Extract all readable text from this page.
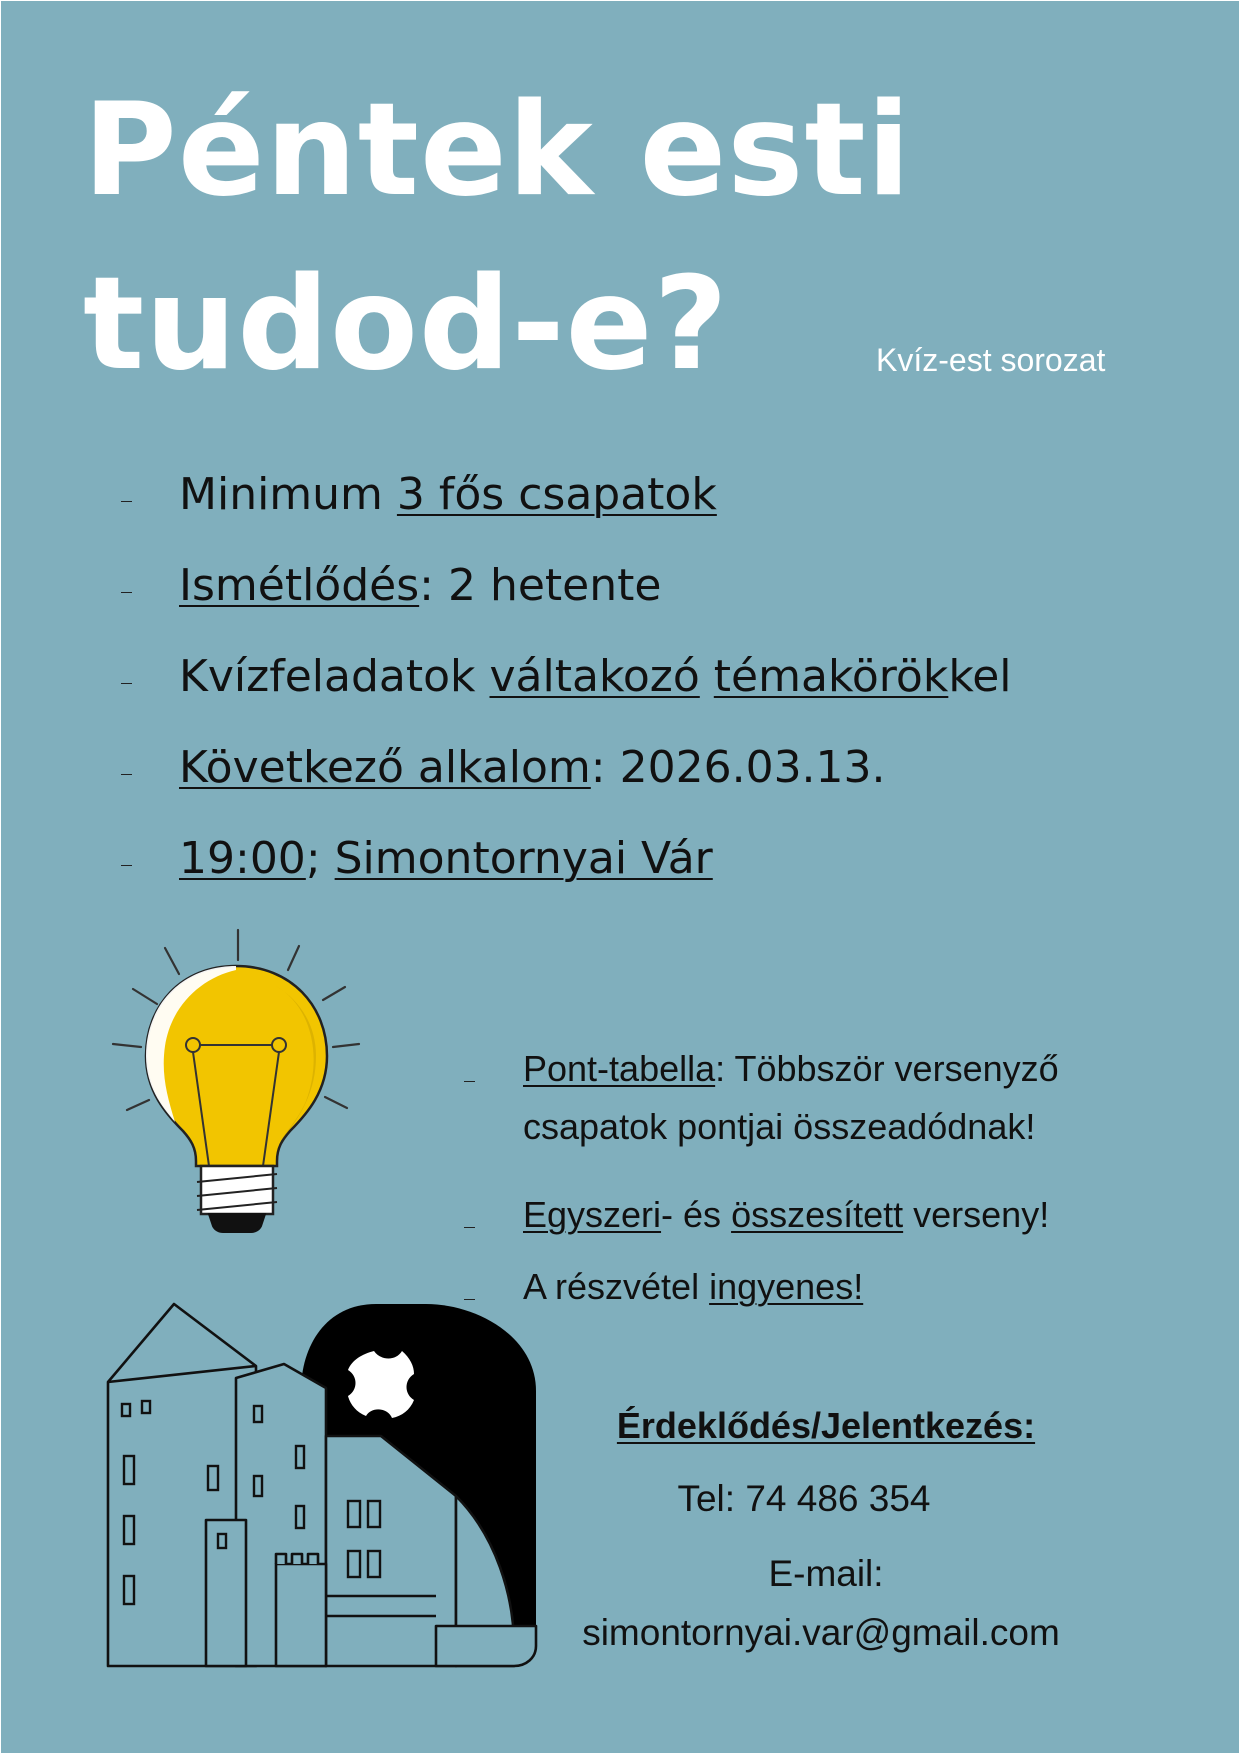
Péntek esti
tudod-e?	Kvíz-est sorozat
Minimum 3 fős csapatok
Ismétlődés: 2 hetente
Kvízfeladatok váltakozó témakörökkel
Következő alkalom: 2026.03.13.
19:00; Simontornyai Vár
Pont-tabella: Többször versenyző
csapatok pontjai összeadódnak!
Egyszeri- és összesített verseny!
A részvétel ingyenes!
Érdeklődés/Jelentkezés:
Tel: 74 486 354
E-mail:
simontornyai.var@gmail.com
